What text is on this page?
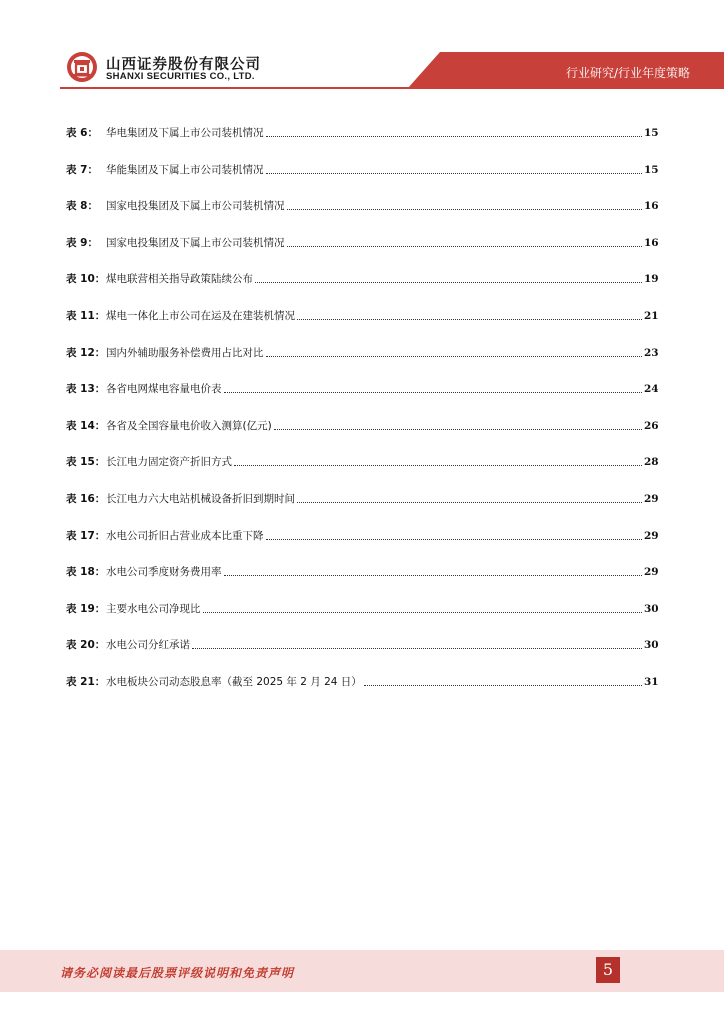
山西证券股份有限公司
SHANXI SECURITIES CO., LTD.	行业研究/行业年度策略
表 6： 华电集团及下属上市公司装机情况	15
表 7： 华能集团及下属上市公司装机情况	15
表 8： 国家电投集团及下属上市公司装机情况	16
表 9： 国家电投集团及下属上市公司装机情况	16
表 10： 煤电联营相关指导政策陆续公布	19
表 11： 煤电一体化上市公司在运及在建装机情况	21
表 12： 国内外辅助服务补偿费用占比对比	23
表 13： 各省电网煤电容量电价表	24
表 14： 各省及全国容量电价收入测算(亿元)	26
表 15： 长江电力固定资产折旧方式	28
表 16： 长江电力六大电站机械设备折旧到期时间	29
表 17： 水电公司折旧占营业成本比重下降	29
表 18： 水电公司季度财务费用率	29
表 19： 主要水电公司净现比	30
表 20： 水电公司分红承诺	30
表 21： 水电板块公司动态股息率（截至 2025 年 2 月 24 日）	31
请务必阅读最后股票评级说明和免责声明	5
